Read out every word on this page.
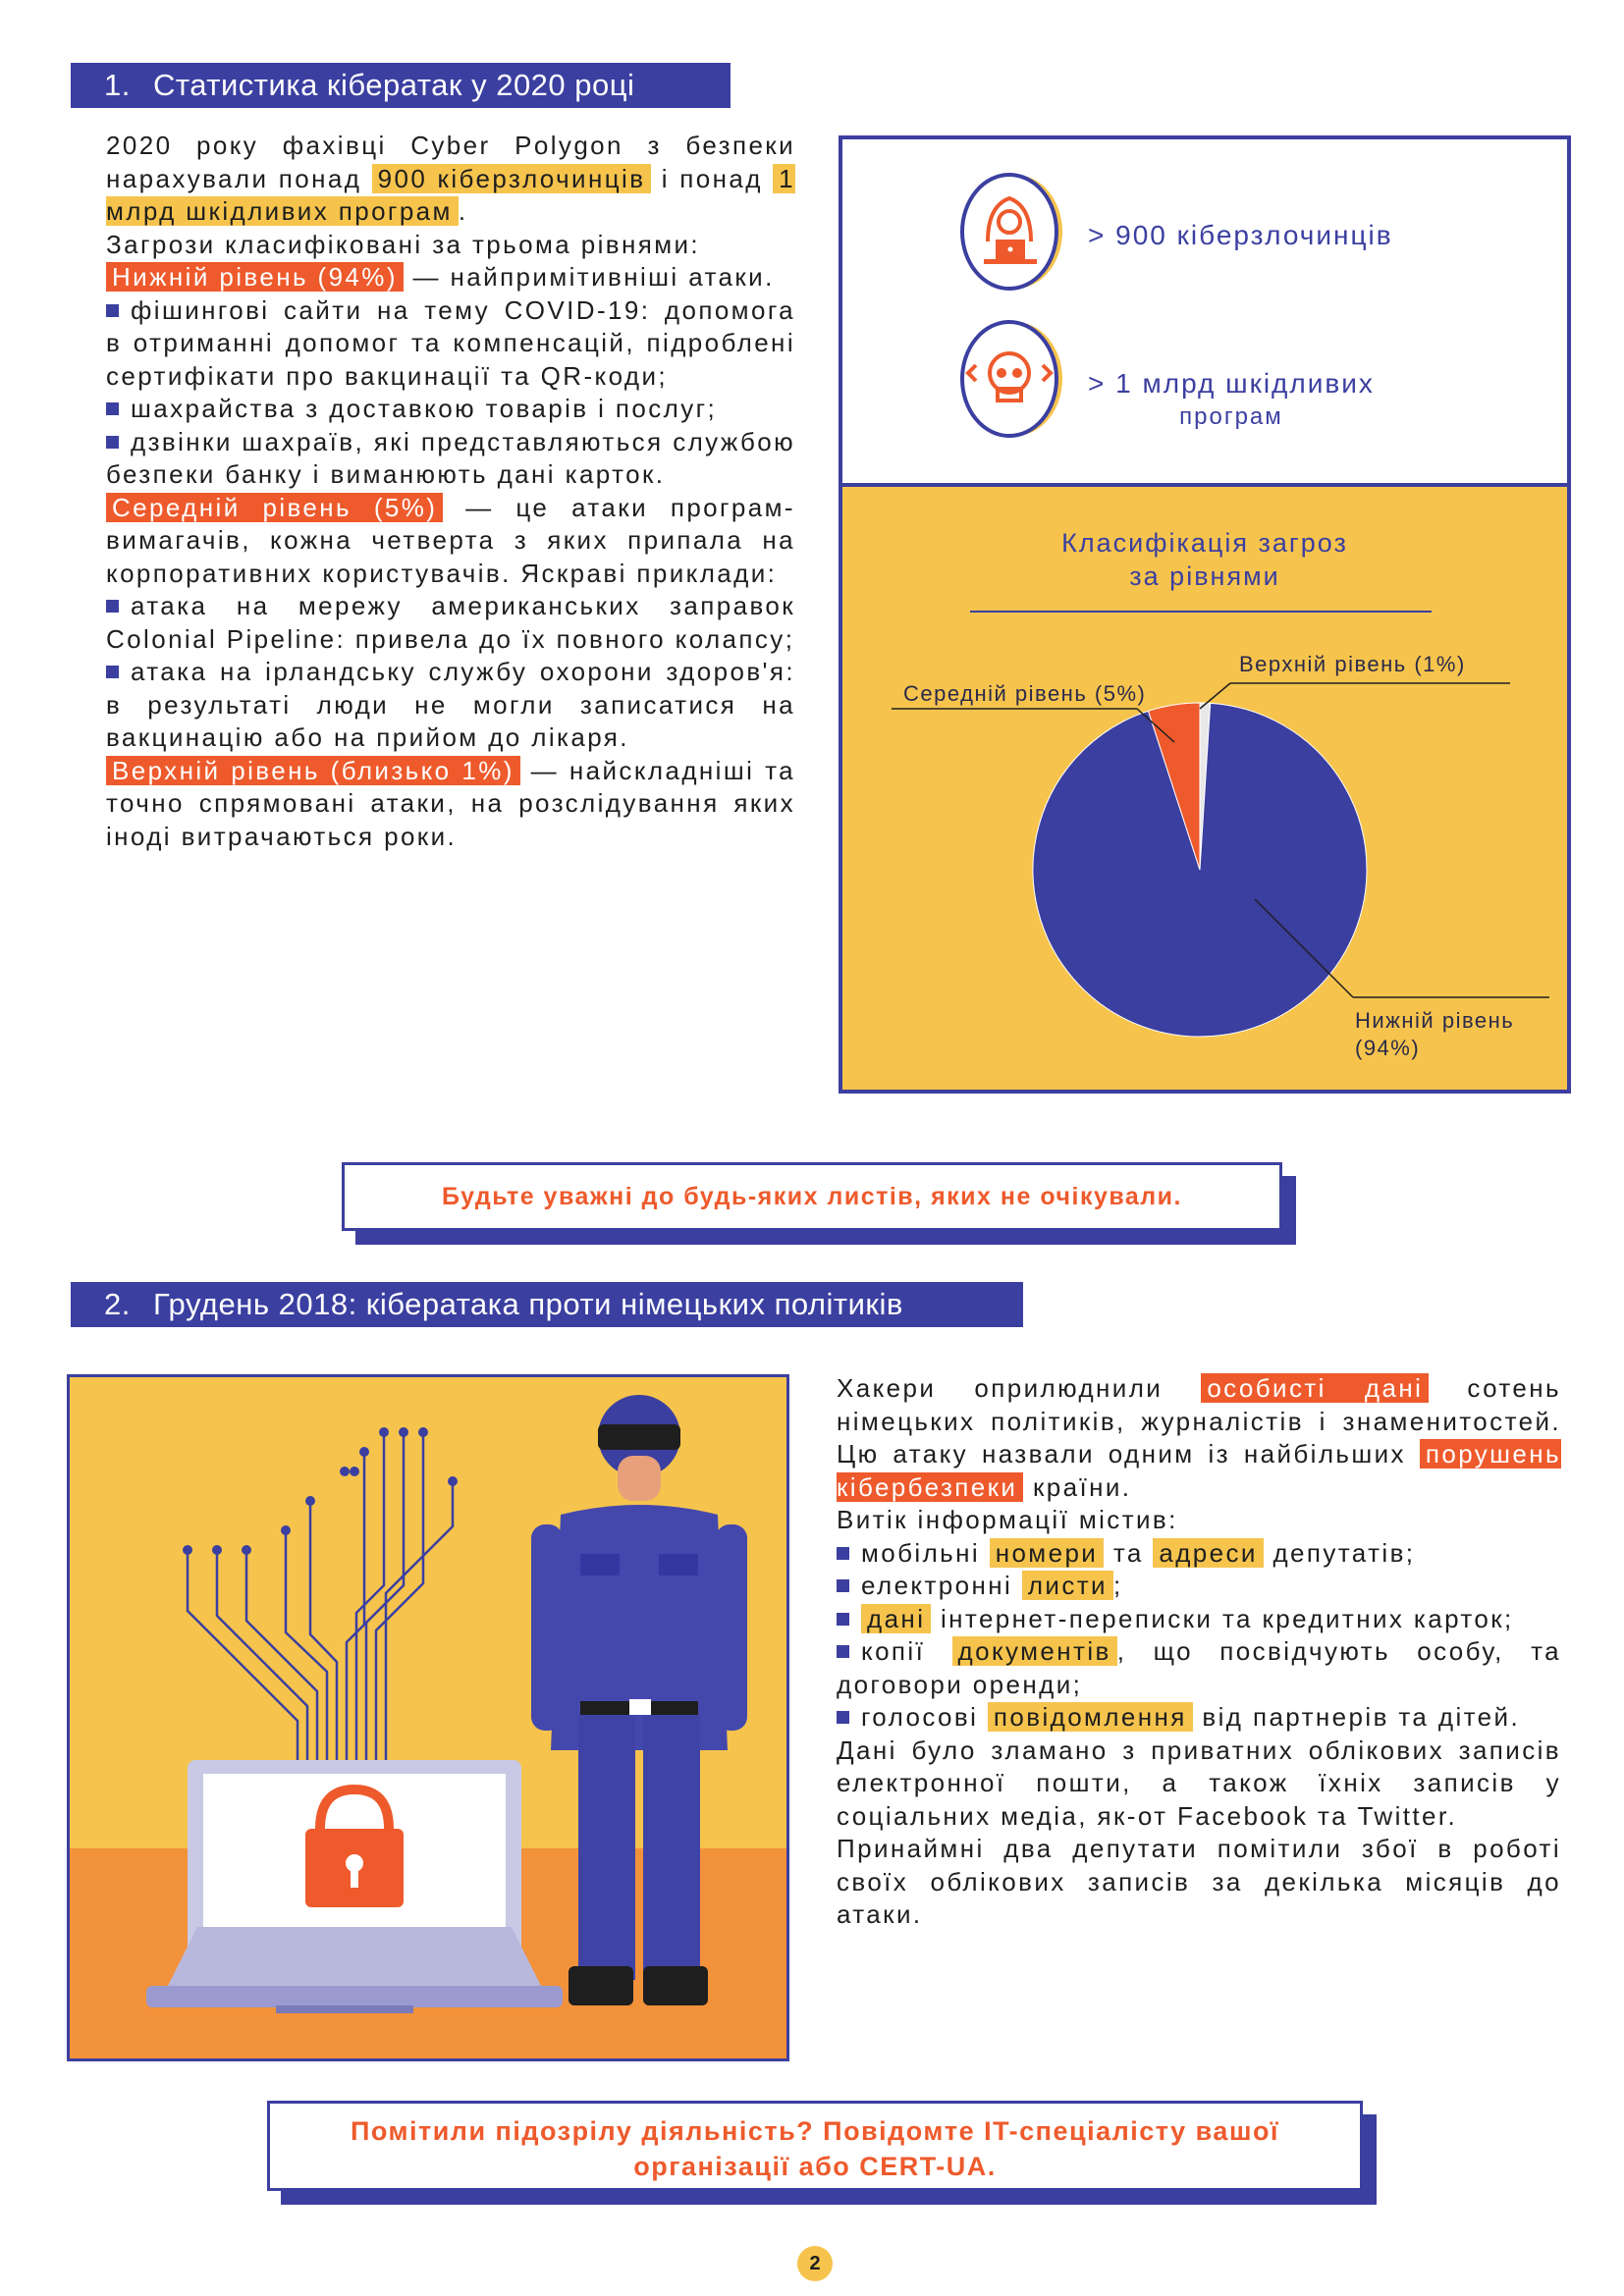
1. Статистика кібератак у 2020 році

2020 року фахівці Cyber Polygon з безпеки нарахували понад 900 кіберзлочинців і понад 1 млрд шкідливих програм .

Загрози класифіковані за трьома рівнями:

Нижній рівень (94%) — найпримітивніші атаки.

фішингові сайти на тему COVID-19: допомога в отриманні допомог та компенсацій, підроблені сертифікати про вакцинації та QR-коди;

шахрайства з доставкою товарів і послуг;

дзвінки шахраїв, які представляються службою безпеки банку і виманюють дані карток.

Середній рівень (5%) — це атаки програм-вимагачів, кожна четверта з яких припала на корпоративних користувачів. Яскраві приклади:

атака на мережу американських заправок Colonial Pipeline: привела до їх повного колапсу;

атака на ірландську службу охорони здоров'я: в результаті люди не могли записатися на вакцинацію або на прийом до лікаря.

Верхній рівень (близько 1%) — найскладніші та точно спрямовані атаки, на розслідування яких іноді витрачаються роки.

> 900 кіберзлочинців
> 1 млрд шкідливих
програм
Класифікація загроз
за рівнями
Верхній рівень (1%)
Середній рівень (5%)
Нижній рівень
(94%)
Будьте уважні до будь-яких листів, яких не очікували.
2. Грудень 2018: кібератака проти німецьких політиків

Хакери оприлюднили особисті дані сотень німецьких політиків, журналістів і знаменитостей. Цю атаку назвали одним із найбільших порушень кібербезпеки країни.

Витік інформації містив:

мобільні номери та адреси депутатів;

електронні листи ;

дані інтернет-переписки та кредитних карток;

копії документів , що посвідчують особу, та договори оренди;

голосові повідомлення від партнерів та дітей.

Дані було зламано з приватних облікових записів електронної пошти, а також їхніх записів у соціальних медіа, як-от Facebook та Twitter.

Принаймні два депутати помітили збої в роботі своїх облікових записів за декілька місяців до атаки.

Помітили підозрілу діяльність? Повідомте IT-спеціалісту вашої
організації або CERT-UA.
2
